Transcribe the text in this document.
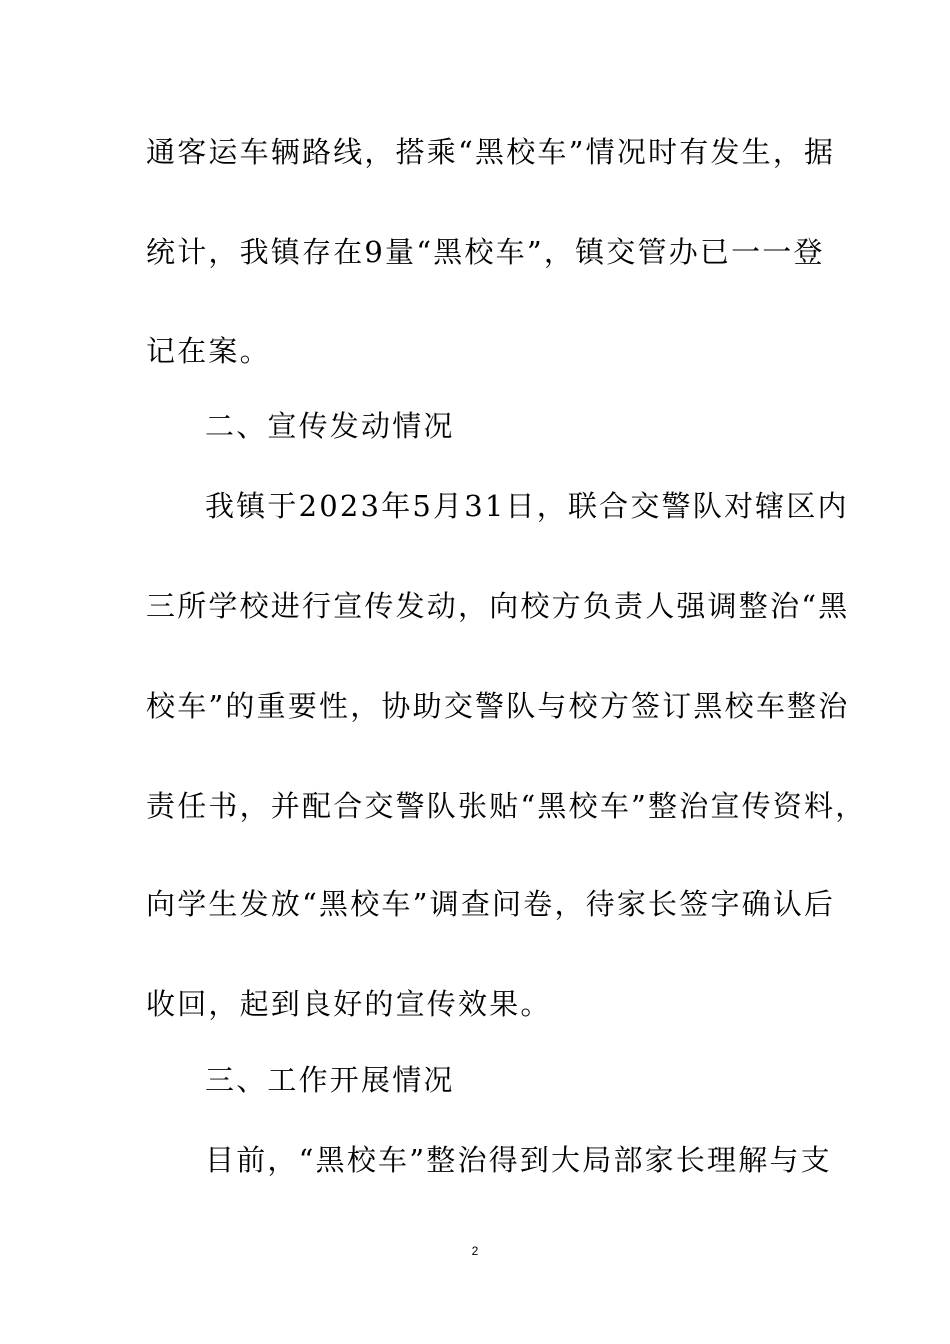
通客运车辆路线，搭乘“黑校车”情况时有发生，据
统计，我镇存在9量“黑校车”，镇交管办已一一登
记在案。
二、宣传发动情况
我镇于2023年5月31日，联合交警队对辖区内
三所学校进行宣传发动，向校方负责人强调整治“黑
校车”的重要性，协助交警队与校方签订黑校车整治
责任书，并配合交警队张贴“黑校车”整治宣传资料，
向学生发放“黑校车”调查问卷，待家长签字确认后
收回，起到良好的宣传效果。
三、工作开展情况
目前，“黑校车”整治得到大局部家长理解与支
2
